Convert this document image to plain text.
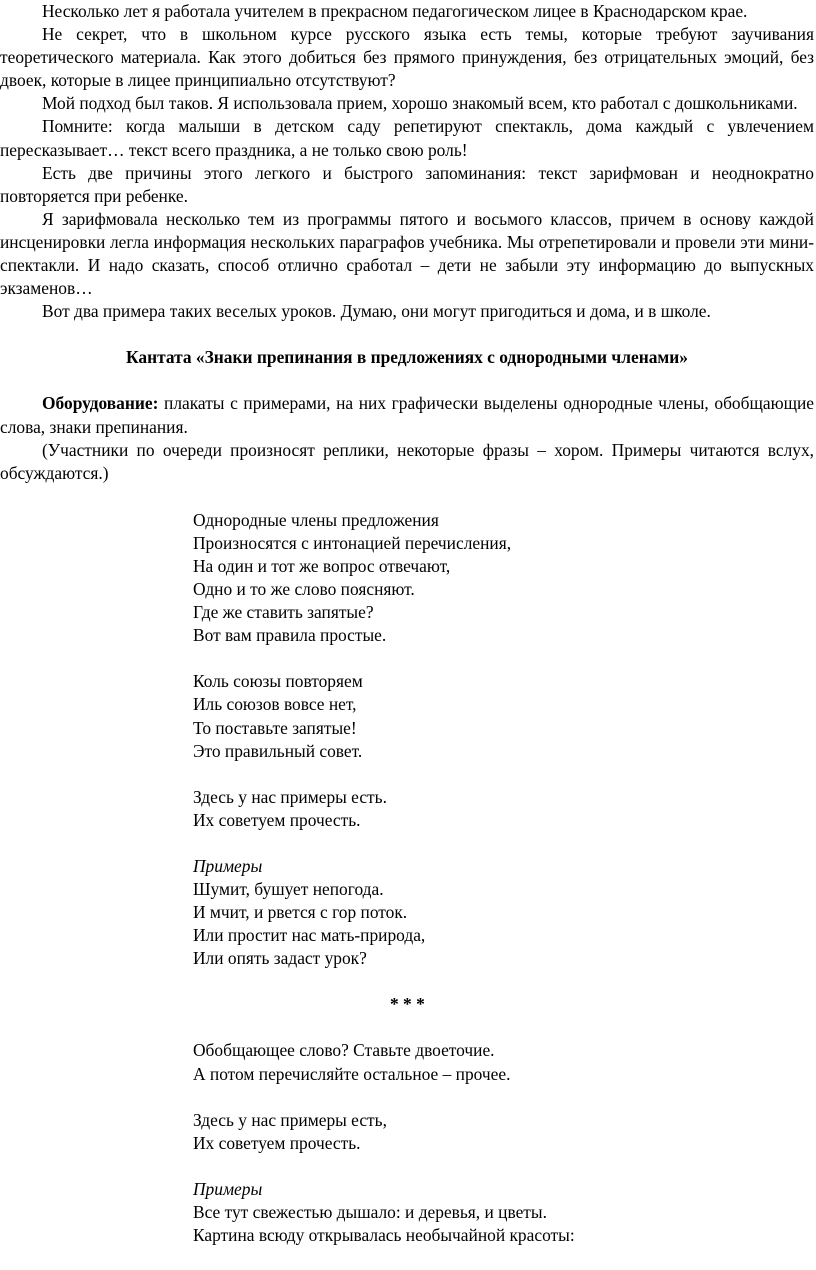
Несколько лет я работала учителем в прекрасном педагогическом лицее в Краснодарском крае.

Не секрет, что в школьном курсе русского языка есть темы, которые требуют заучивания теоретического материала. Как этого добиться без прямого принуждения, без отрицательных эмоций, без двоек, которые в лицее принципиально отсутствуют?

Мой подход был таков. Я использовала прием, хорошо знакомый всем, кто работал с дошкольниками.

Помните: когда малыши в детском саду репетируют спектакль, дома каждый с увлечением пересказывает… текст всего праздника, а не только свою роль!

Есть две причины этого легкого и быстрого запоминания: текст зарифмован и неоднократно повторяется при ребенке.

Я зарифмовала несколько тем из программы пятого и восьмого классов, причем в основу каждой инсценировки легла информация нескольких параграфов учебника. Мы отрепетировали и провели эти мини-спектакли. И надо сказать, способ отлично сработал – дети не забыли эту информацию до выпускных экзаменов…

Вот два примера таких веселых уроков. Думаю, они могут пригодиться и дома, и в школе.

Кантата «Знаки препинания в предложениях с однородными членами»

Оборудование: плакаты с примерами, на них графически выделены однородные члены, обобщающие слова, знаки препинания.

(Участники по очереди произносят реплики, некоторые фразы – хором. Примеры читаются вслух, обсуждаются.)

Однородные члены предложения
Произносятся с интонацией перечисления,
На один и тот же вопрос отвечают,
Одно и то же слово поясняют.
Где же ставить запятые?
Вот вам правила простые.
Коль союзы повторяем
Иль союзов вовсе нет,
То поставьте запятые!
Это правильный совет.
Здесь у нас примеры есть.
Их советуем прочесть.
Примеры
Шумит, бушует непогода.
И мчит, и рвется с гор поток.
Или простит нас мать-природа,
Или опять задаст урок?
* * *
Обобщающее слово? Ставьте двоеточие.
А потом перечисляйте остальное – прочее.
Здесь у нас примеры есть,
Их советуем прочесть.
Примеры
Все тут свежестью дышало: и деревья, и цветы.
Картина всюду открывалась необычайной красоты:
